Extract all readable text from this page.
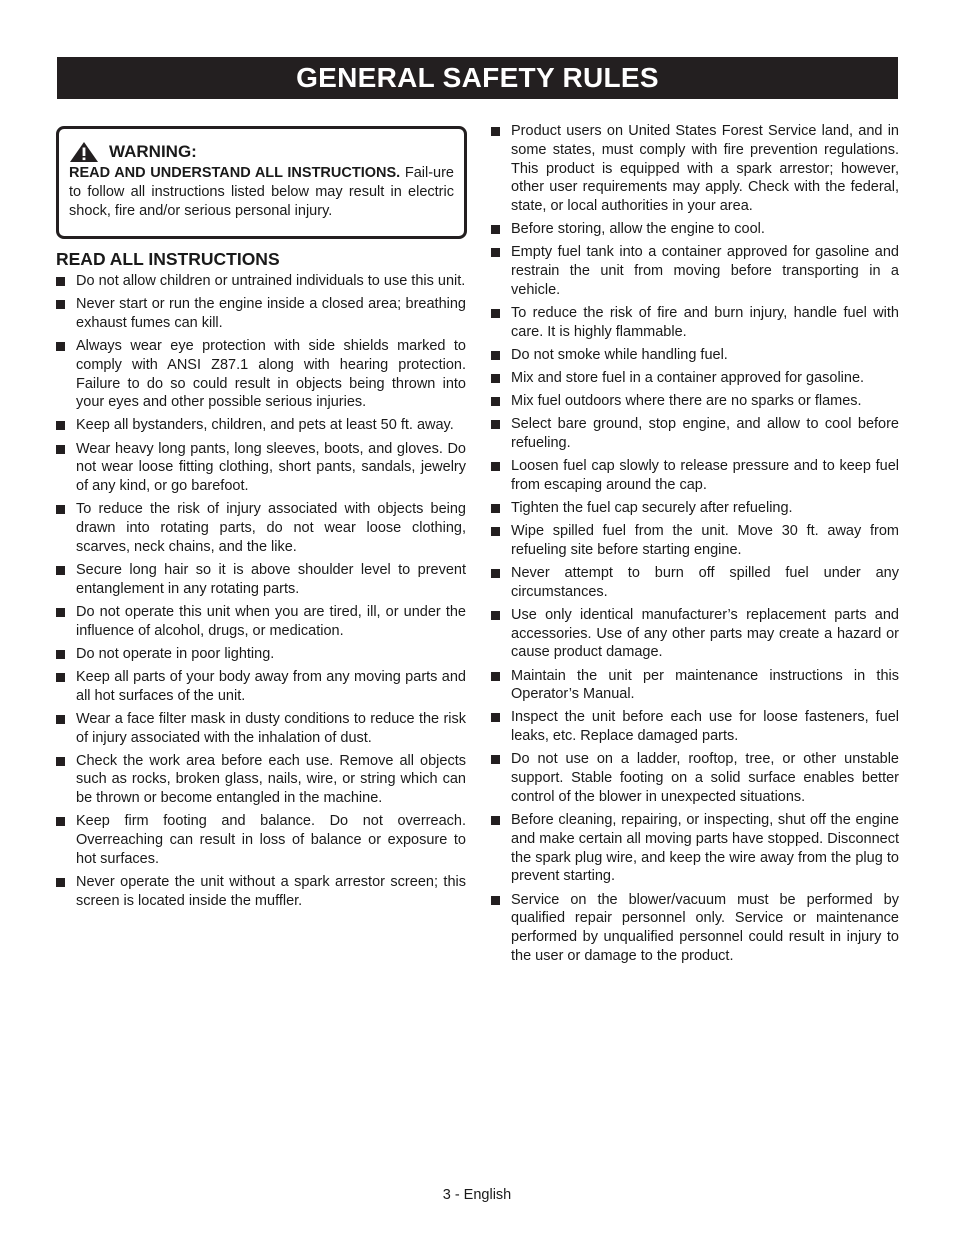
GENERAL SAFETY RULES
WARNING:
READ AND UNDERSTAND ALL INSTRUCTIONS. Fail-ure to follow all instructions listed below may result in electric shock, fire and/or serious personal injury.
READ ALL INSTRUCTIONS
Do not allow children or untrained individuals to use this unit.
Never start or run the engine inside a closed area; breathing exhaust fumes can kill.
Always wear eye protection with side shields marked to comply with ANSI Z87.1 along with hearing protection. Failure to do so could result in objects being thrown into your eyes and other possible serious injuries.
Keep all bystanders, children, and pets at least 50 ft. away.
Wear heavy long pants, long sleeves, boots, and gloves. Do not wear loose fitting clothing, short pants, sandals, jewelry of any kind, or go barefoot.
To reduce the risk of injury associated with objects being drawn into rotating parts, do not wear loose clothing, scarves, neck chains, and the like.
Secure long hair so it is above shoulder level to prevent entanglement in any rotating parts.
Do not operate this unit when you are tired, ill, or under the influence of alcohol, drugs, or medication.
Do not operate in poor lighting.
Keep all parts of your body away from any moving parts and all hot surfaces of the unit.
Wear a face filter mask in dusty conditions to reduce the risk of injury associated with the inhalation of dust.
Check the work area before each use. Remove all objects such as rocks, broken glass, nails, wire, or string which can be thrown or become entangled in the machine.
Keep firm footing and balance. Do not overreach. Overreaching can result in loss of balance or exposure to hot surfaces.
Never operate the unit without a spark arrestor screen; this screen is located inside the muffler.
Product users on United States Forest Service land, and in some states, must comply with fire prevention regulations. This product is equipped with a spark arrestor; however, other user requirements may apply. Check with the federal, state, or local authorities in your area.
Before storing, allow the engine to cool.
Empty fuel tank into a container approved for gasoline and restrain the unit from moving before transporting in a vehicle.
To reduce the risk of fire and burn injury, handle fuel with care. It is highly flammable.
Do not smoke while handling fuel.
Mix and store fuel in a container approved for gasoline.
Mix fuel outdoors where there are no sparks or flames.
Select bare ground, stop engine, and allow to cool before refueling.
Loosen fuel cap slowly to release pressure and to keep fuel from escaping around the cap.
Tighten the fuel cap securely after refueling.
Wipe spilled fuel from the unit. Move 30 ft. away from refueling site before starting engine.
Never attempt to burn off spilled fuel under any circumstances.
Use only identical manufacturer’s replacement parts and accessories. Use of any other parts may create a hazard or cause product damage.
Maintain the unit per maintenance instructions in this Operator’s Manual.
Inspect the unit before each use for loose fasteners, fuel leaks, etc. Replace damaged parts.
Do not use on a ladder, rooftop, tree, or other unstable support. Stable footing on a solid surface enables better control of the blower in unexpected situations.
Before cleaning, repairing, or inspecting, shut off the engine and make certain all moving parts have stopped. Disconnect the spark plug wire, and keep the wire away from the plug to prevent starting.
Service on the blower/vacuum must be performed by qualified repair personnel only. Service or maintenance performed by unqualified personnel could result in injury to the user or damage to the product.
3 - English
